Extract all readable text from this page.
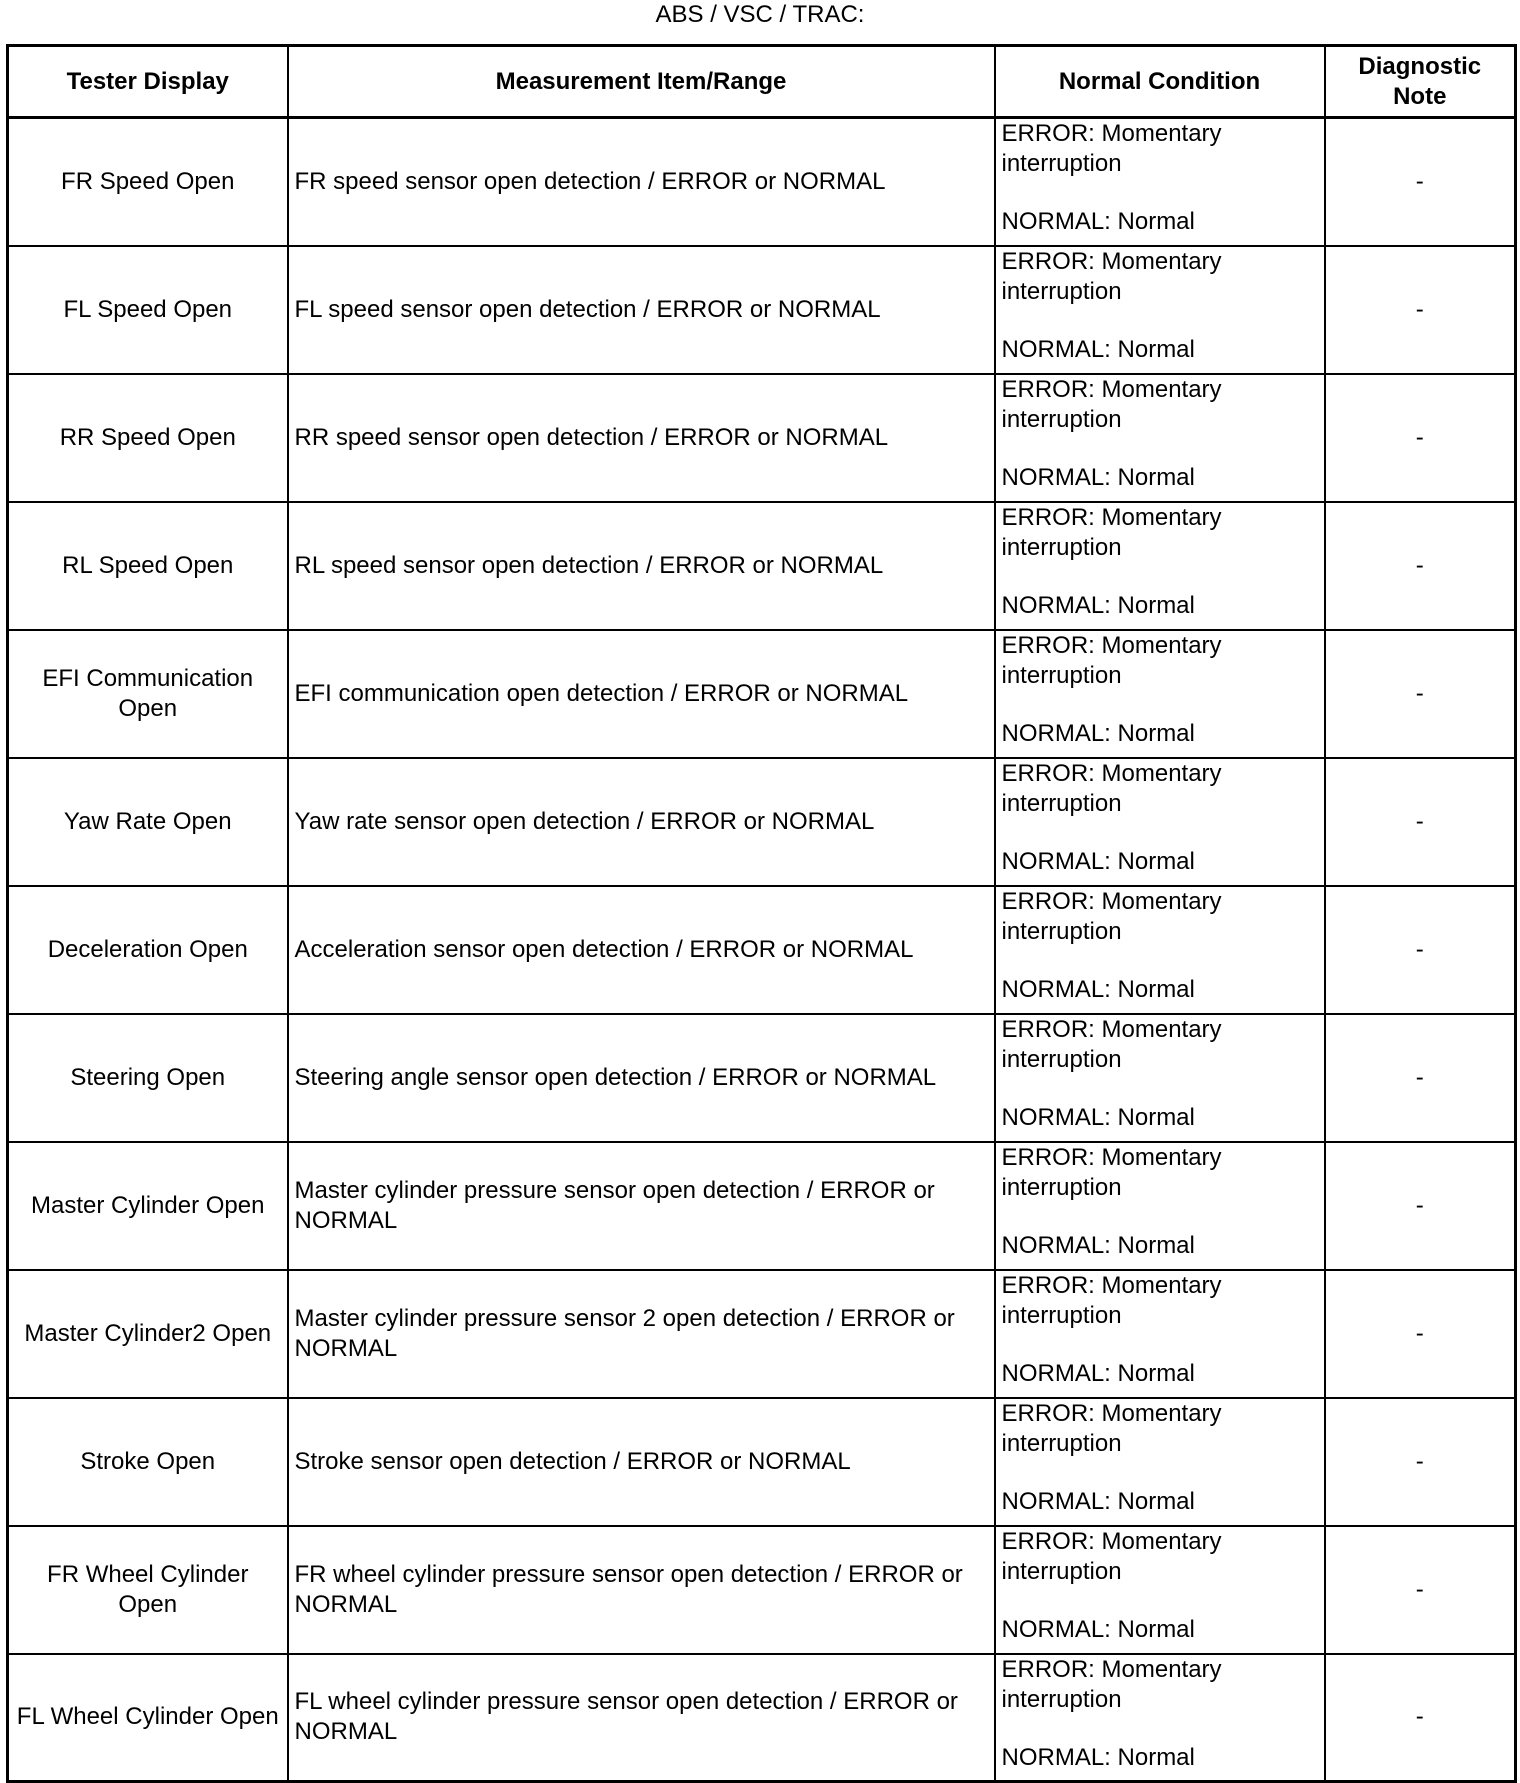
ABS / VSC / TRAC:
Tester Display	Measurement Item/Range	Normal Condition	Diagnostic Note
FR Speed Open	FR speed sensor open detection / ERROR or NORMAL	ERROR: Momentary interruption
NORMAL: Normal	-
FL Speed Open	FL speed sensor open detection / ERROR or NORMAL	ERROR: Momentary interruption
NORMAL: Normal	-
RR Speed Open	RR speed sensor open detection / ERROR or NORMAL	ERROR: Momentary interruption
NORMAL: Normal	-
RL Speed Open	RL speed sensor open detection / ERROR or NORMAL	ERROR: Momentary interruption
NORMAL: Normal	-
EFI Communication Open	EFI communication open detection / ERROR or NORMAL	ERROR: Momentary interruption
NORMAL: Normal	-
Yaw Rate Open	Yaw rate sensor open detection / ERROR or NORMAL	ERROR: Momentary interruption
NORMAL: Normal	-
Deceleration Open	Acceleration sensor open detection / ERROR or NORMAL	ERROR: Momentary interruption
NORMAL: Normal	-
Steering Open	Steering angle sensor open detection / ERROR or NORMAL	ERROR: Momentary interruption
NORMAL: Normal	-
Master Cylinder Open	Master cylinder pressure sensor open detection / ERROR or NORMAL	ERROR: Momentary interruption
NORMAL: Normal	-
Master Cylinder2 Open	Master cylinder pressure sensor 2 open detection / ERROR or NORMAL	ERROR: Momentary interruption
NORMAL: Normal	-
Stroke Open	Stroke sensor open detection / ERROR or NORMAL	ERROR: Momentary interruption
NORMAL: Normal	-
FR Wheel Cylinder Open	FR wheel cylinder pressure sensor open detection / ERROR or NORMAL	ERROR: Momentary interruption
NORMAL: Normal	-
FL Wheel Cylinder Open	FL wheel cylinder pressure sensor open detection / ERROR or NORMAL	ERROR: Momentary interruption
NORMAL: Normal	-
